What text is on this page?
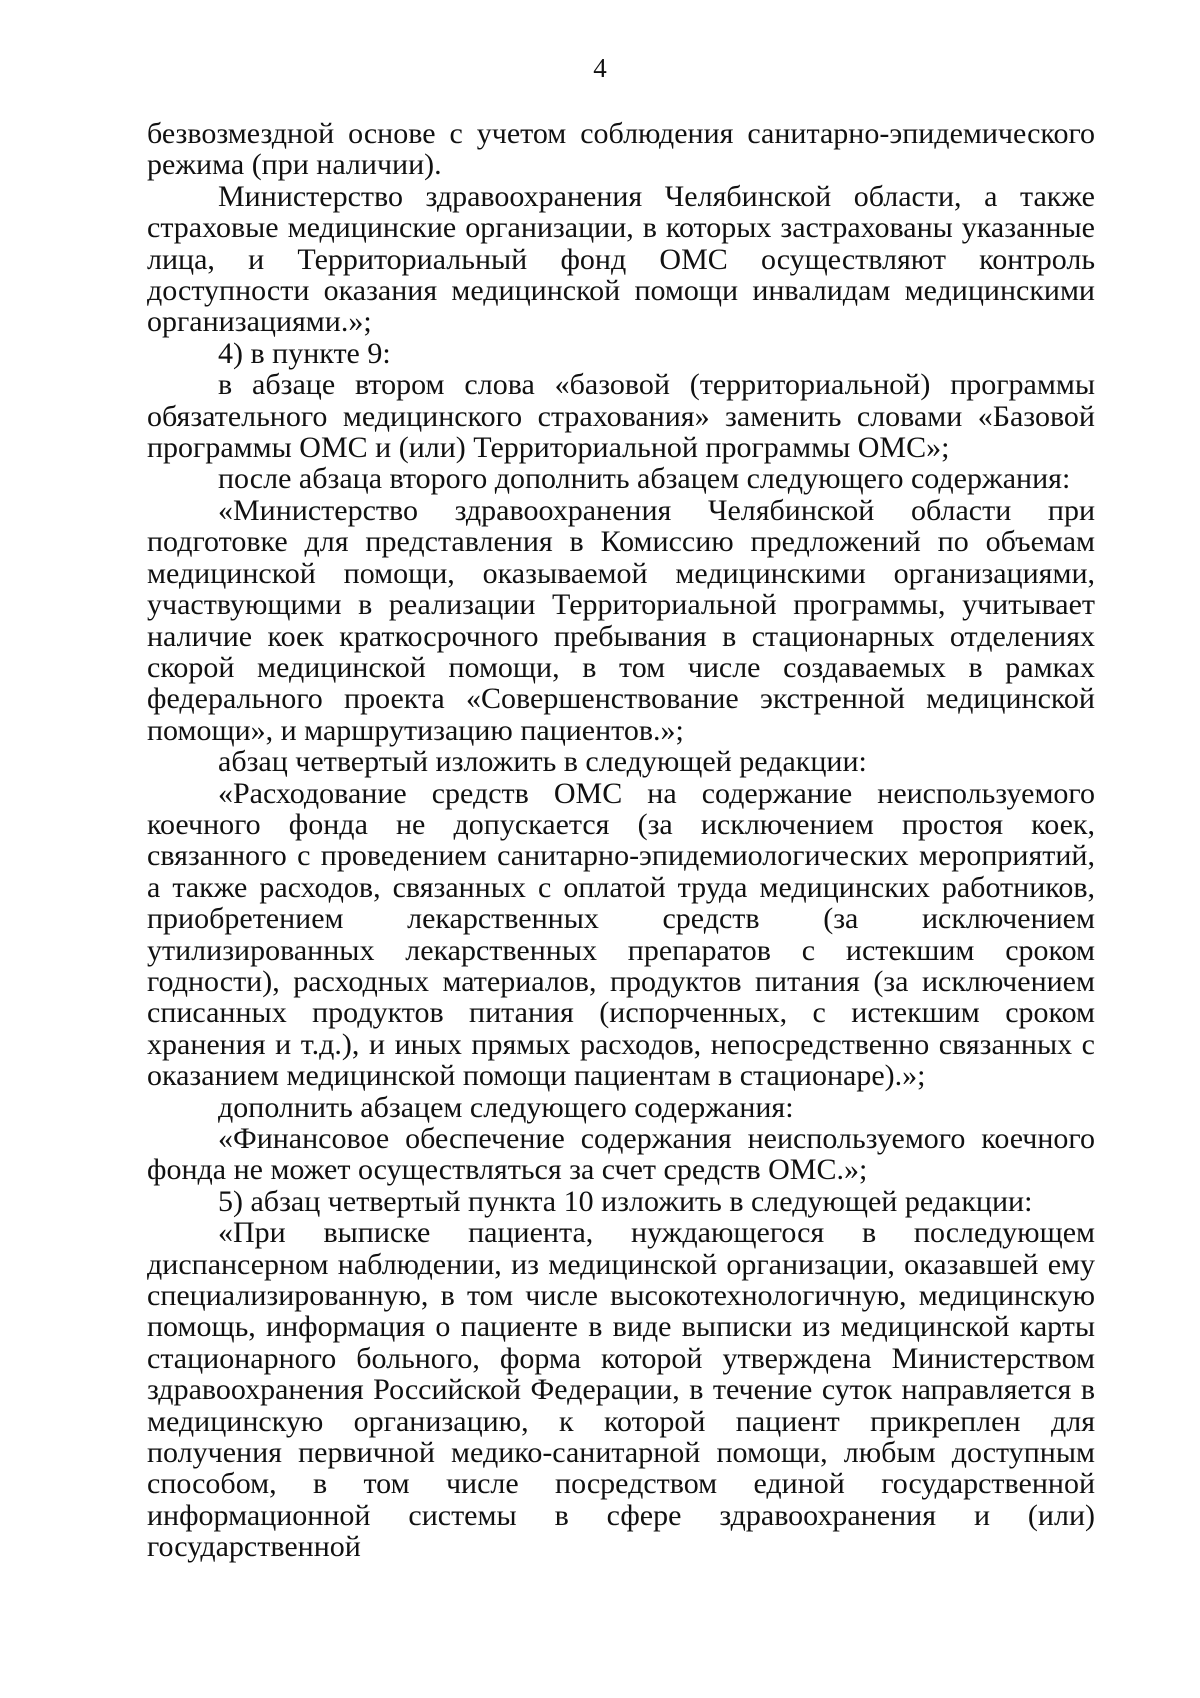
4

безвозмездной основе с учетом соблюдения санитарно-эпидемического режима (при наличии).

Министерство здравоохранения Челябинской области, а также страховые медицинские организации, в которых застрахованы указанные лица, и Территориальный фонд ОМС осуществляют контроль доступности оказания медицинской помощи инвалидам медицинскими организациями.»;

4) в пункте 9:

в абзаце втором слова «базовой (территориальной) программы обязательного медицинского страхования» заменить словами «Базовой программы ОМС и (или) Территориальной программы ОМС»;

после абзаца второго дополнить абзацем следующего содержания:

«Министерство здравоохранения Челябинской области при подготовке для представления в Комиссию предложений по объемам медицинской помощи, оказываемой медицинскими организациями, участвующими в реализации Территориальной программы, учитывает наличие коек краткосрочного пребывания в стационарных отделениях скорой медицинской помощи, в том числе создаваемых в рамках федерального проекта «Совершенствование экстренной медицинской помощи», и маршрутизацию пациентов.»;

абзац четвертый изложить в следующей редакции:

«Расходование средств ОМС на содержание неиспользуемого коечного фонда не допускается (за исключением простоя коек, связанного с проведением санитарно-эпидемиологических мероприятий, а также расходов, связанных с оплатой труда медицинских работников, приобретением лекарственных средств (за исключением утилизированных лекарственных препаратов с истекшим сроком годности), расходных материалов, продуктов питания (за исключением списанных продуктов питания (испорченных, с истекшим сроком хранения и т.д.), и иных прямых расходов, непосредственно связанных с оказанием медицинской помощи пациентам в стационаре).»;

дополнить абзацем следующего содержания:

«Финансовое обеспечение содержания неиспользуемого коечного фонда не может осуществляться за счет средств ОМС.»;

5) абзац четвертый пункта 10 изложить в следующей редакции:

«При выписке пациента, нуждающегося в последующем диспансерном наблюдении, из медицинской организации, оказавшей ему специализированную, в том числе высокотехнологичную, медицинскую помощь, информация о пациенте в виде выписки из медицинской карты стационарного больного, форма которой утверждена Министерством здравоохранения Российской Федерации, в течение суток направляется в медицинскую организацию, к которой пациент прикреплен для получения первичной медико-санитарной помощи, любым доступным способом, в том числе посредством единой государственной информационной системы в сфере здравоохранения и (или) государственной
